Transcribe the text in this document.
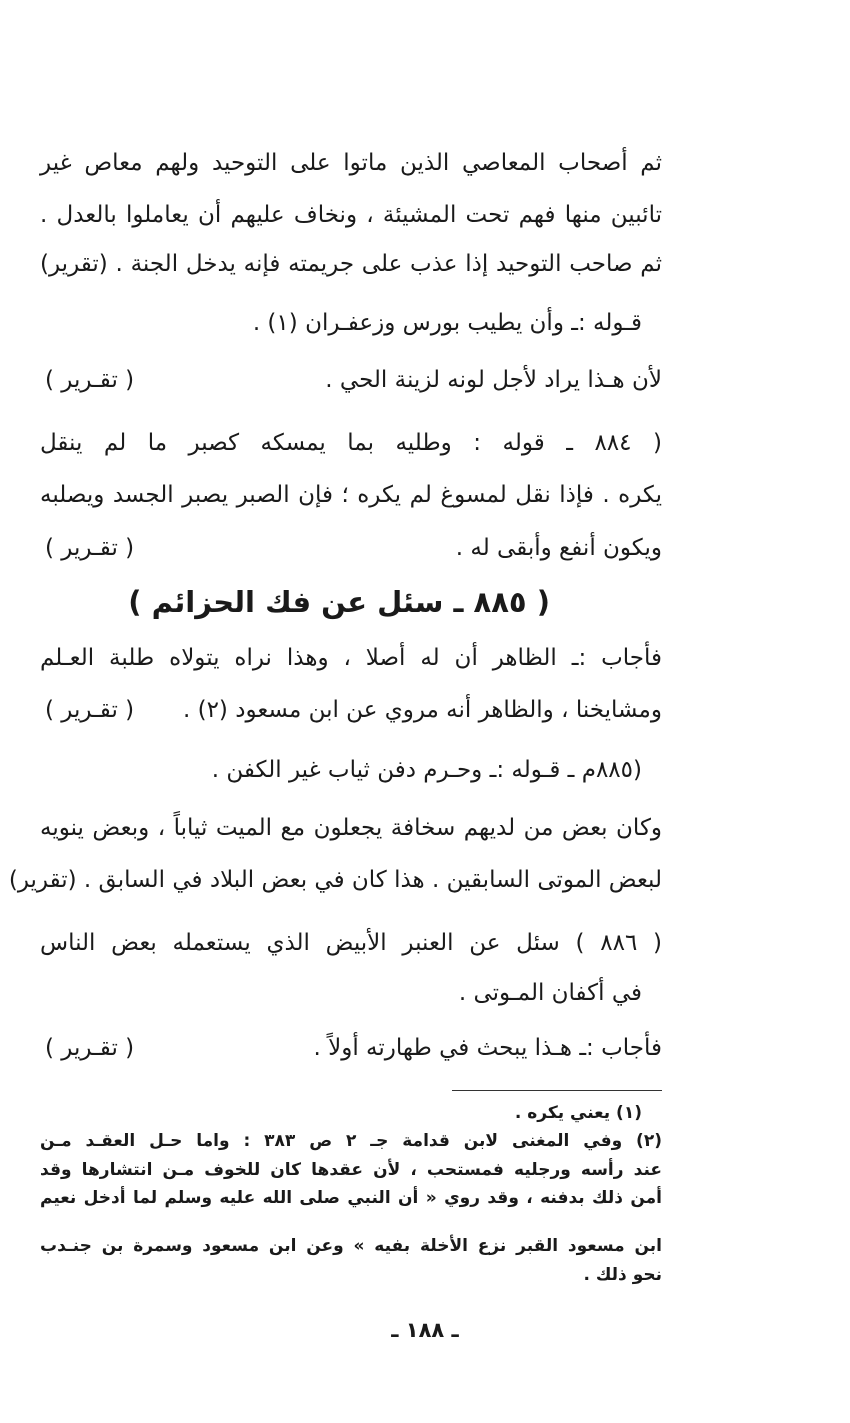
ثم أصحاب المعاصي الذين ماتوا على التوحيد ولهم معاص غير
تائبين منها فهم تحت المشيئة ، ونخاف عليهم أن يعاملوا بالعدل .
ثم صاحب التوحيد إذا عذب على جريمته فإنه يدخل الجنة . (تقرير)
قـوله :ـ وأن يطيب بورس وزعفـران (١) .
لأن هـذا يراد لأجل لونه لزينة الحي .
( تقـرير )
( ٨٨٤ ـ قوله : وطليه بما يمسكه كصبر ما لم ينقل
يكره . فإذا نقل لمسوغ لم يكره ؛ فإن الصبر يصبر الجسد ويصلبه
ويكون أنفع وأبقى له .
( تقـرير )
( ٨٨٥ ـ سئل عن فك الحزائم )
فأجاب :ـ الظاهر أن له أصلا ، وهذا نراه يتولاه طلبة العـلم
ومشايخنا ، والظاهر أنه مروي عن ابن مسعود (٢) .
( تقـرير )
(٨٨٥م ـ قـوله :ـ وحـرم دفن ثياب غير الكفن .
وكان بعض من لديهم سخافة يجعلون مع الميت ثياباً ، وبعض ينويه
لبعض الموتى السابقين . هذا كان في بعض البلاد في السابق . (تقرير)
( ٨٨٦ ) سئل عن العنبر الأبيض الذي يستعمله بعض الناس
في أكفان المـوتى .
فأجاب :ـ هـذا يبحث في طهارته أولاً .
( تقـرير )
(١) يعني يكره .
(٢) وفي المغنى لابن قدامة جـ ٢ ص ٣٨٣ : واما حـل العقـد مـن
عند رأسه ورجليه فمستحب ، لأن عقدها كان للخوف مـن انتشارها وقد
أمن ذلك بدفنه ، وقد روي « أن النبي صلى الله عليه وسلم لما أدخل نعيم
ابن مسعود القبر نزع الأخلة بفيه » وعن ابن مسعود وسمرة بن جنـدب
نحو ذلك .
ـ ١٨٨ ـ
